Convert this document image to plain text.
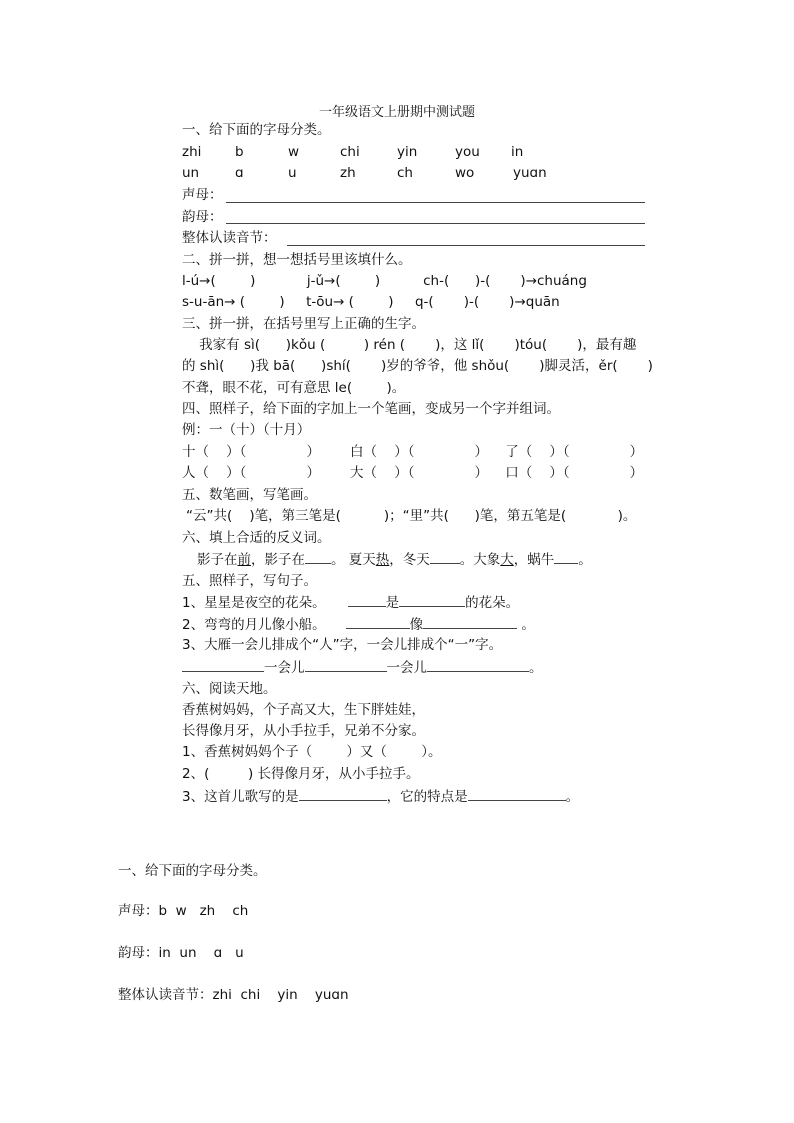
一年级语文上册期中测试题
一、给下面的字母分类。
zhi b	w	chi	yin	you in
un	ɑ	u	zh	ch	wo	yuɑn
声母：
韵母：
整体认读音节：
二、拼一拼，想一想括号里该填什么。
l-ú→(        )            j-ǔ→(        )          ch-(      )-(       )→chuáng
s-u-ān→ (        )     t-ōu→ (        )     q-(       )-(       )→quān
三、拼一拼，在括号里写上正确的生字。
我家有 sì(      )kǒu (         ) rén (       )，这 lǐ(       )tóu(       )，最有趣
的 shì(      )我 bā(      )shí(       )岁的爷爷，他 shǒu(       )脚灵活，ěr(       )
不聋，眼不花，可有意思 le(        )。
四、照样子，给下面的字加上一个笔画，变成另一个字并组词。
例：一（十）（十月）
十（    ）（              ）       白（    ）（              ）    了（    ）（              ）
人（    ）（              ）       大（    ）（              ）    口（    ）（              ）
五、数笔画，写笔画。
“云”共(    )笔，第三笔是(          )；“里”共(      )笔，第五笔是(            )。
六、填上合适的反义词。
影子在前，影子在 。 夏天热，冬天 。大象大，蜗牛 。
五、照样子，写句子。
1、星星是夜空的花朵。	是	的花朵。
2、弯弯的月儿像小船。	像	。
3、大雁一会儿排成个“人”字，一会儿排成个“一”字。
一会儿	一会儿	。
六、阅读天地。
香蕉树妈妈，个子高又大，生下胖娃娃，
长得像月牙，从小手拉手，兄弟不分家。
1、香蕉树妈妈个子（        ）又（        ）。
2、(         ) 长得像月牙，从小手拉手。
3、这首儿歌写的是	，它的特点是	。
一、给下面的字母分类。
声母：b  w   zh    ch
韵母：in  un    ɑ   u
整体认读音节：zhi  chi    yin    yuɑn
